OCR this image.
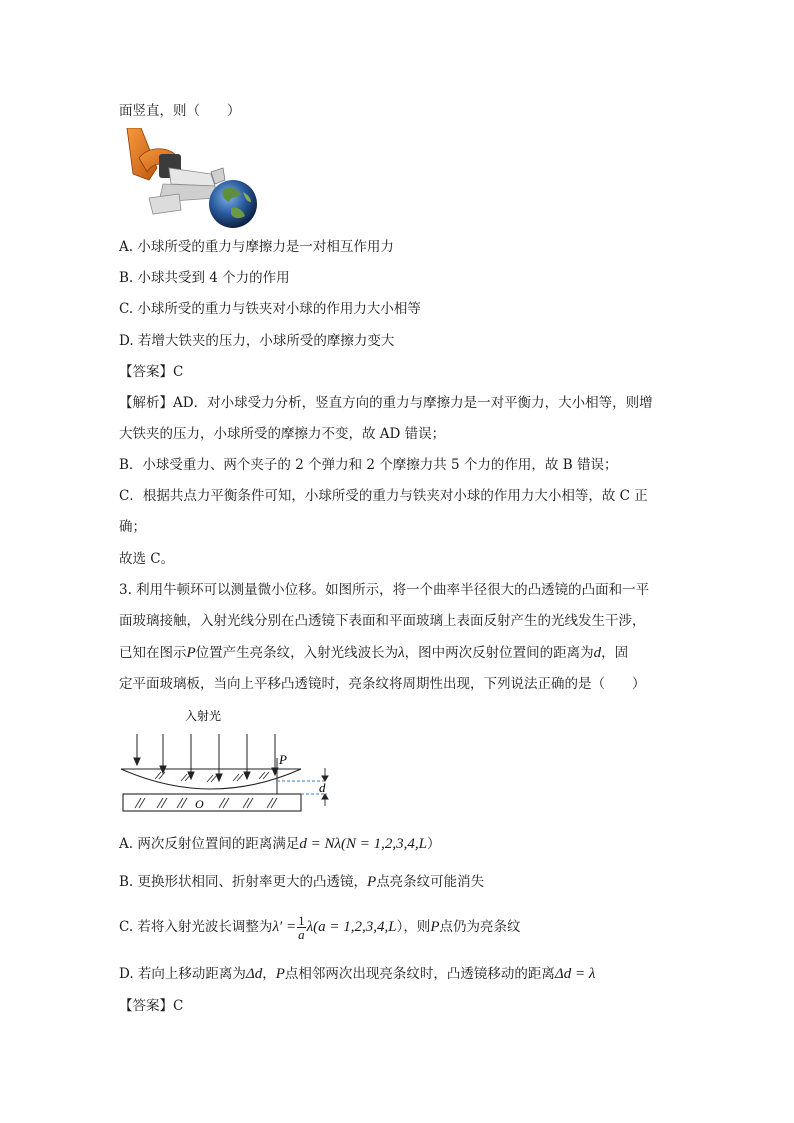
面竖直，则（　　）
A. 小球所受的重力与摩擦力是一对相互作用力
B. 小球共受到 4 个力的作用
C. 小球所受的重力与铁夹对小球的作用力大小相等
D. 若增大铁夹的压力，小球所受的摩擦力变大
【答案】C
【解析】AD．对小球受力分析，竖直方向的重力与摩擦力是一对平衡力，大小相等，则增
大铁夹的压力，小球所受的摩擦力不变，故 AD 错误；
B．小球受重力、两个夹子的 2 个弹力和 2 个摩擦力共 5 个力的作用，故 B 错误；
C．根据共点力平衡条件可知，小球所受的重力与铁夹对小球的作用力大小相等，故 C 正
确；
故选 C。
3. 利用牛顿环可以测量微小位移。如图所示，将一个曲率半径很大的凸透镜的凸面和一平
面玻璃接触，入射光线分别在凸透镜下表面和平面玻璃上表面反射产生的光线发生干涉，
已知在图示P位置产生亮条纹，入射光线波长为λ，图中两次反射位置间的距离为d，固
定平面玻璃板，当向上平移凸透镜时，亮条纹将周期性出现，下列说法正确的是（　　）
入射光
P
O
d
A. 两次反射位置间的距离满足d = Nλ(N = 1,2,3,4,L）
B. 更换形状相同、折射率更大的凸透镜，P点亮条纹可能消失
C. 若将入射光波长调整为$\lambda' = \frac{1}{a} \lambda(a = 1,2,3,4,L)$，则P点仍为亮条纹
D. 若向上移动距离为Δd，P点相邻两次出现亮条纹时，凸透镜移动的距离Δd = λ
【答案】C
